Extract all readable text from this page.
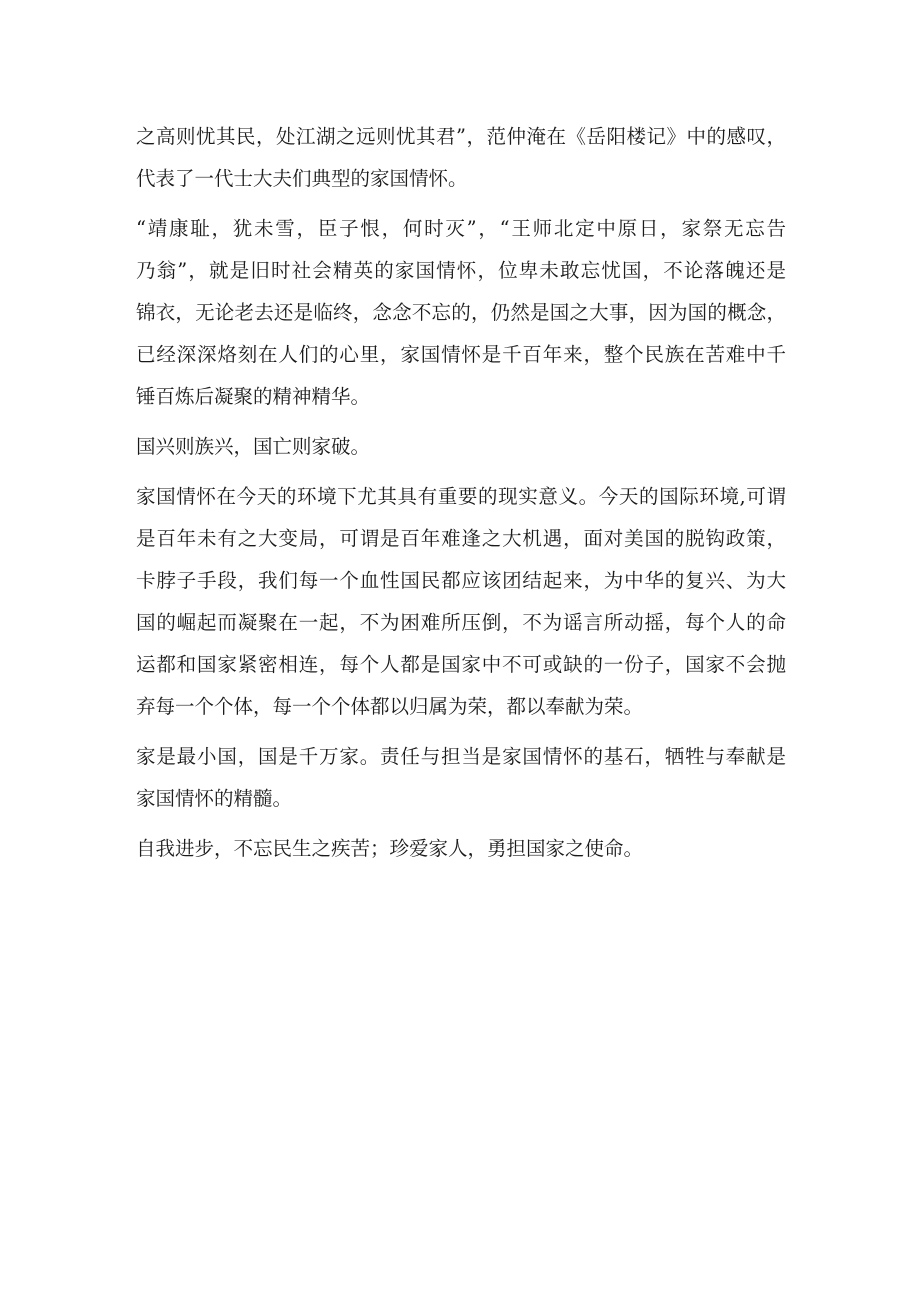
之高则忧其民，处江湖之远则忧其君”，范仲淹在《岳阳楼记》中的感叹，
代表了一代士大夫们典型的家国情怀。

“靖康耻，犹未雪，臣子恨，何时灭”，“王师北定中原日，家祭无忘告
乃翁”，就是旧时社会精英的家国情怀，位卑未敢忘忧国，不论落魄还是
锦衣，无论老去还是临终，念念不忘的，仍然是国之大事，因为国的概念，
已经深深烙刻在人们的心里，家国情怀是千百年来，整个民族在苦难中千
锤百炼后凝聚的精神精华。

国兴则族兴，国亡则家破。

家国情怀在今天的环境下尤其具有重要的现实意义。今天的国际环境,可谓
是百年未有之大变局，可谓是百年难逢之大机遇，面对美国的脱钩政策，
卡脖子手段，我们每一个血性国民都应该团结起来，为中华的复兴、为大
国的崛起而凝聚在一起，不为困难所压倒，不为谣言所动摇，每个人的命
运都和国家紧密相连，每个人都是国家中不可或缺的一份子，国家不会抛
弃每一个个体，每一个个体都以归属为荣，都以奉献为荣。

家是最小国，国是千万家。责任与担当是家国情怀的基石，牺牲与奉献是
家国情怀的精髓。

自我进步，不忘民生之疾苦；珍爱家人，勇担国家之使命。
